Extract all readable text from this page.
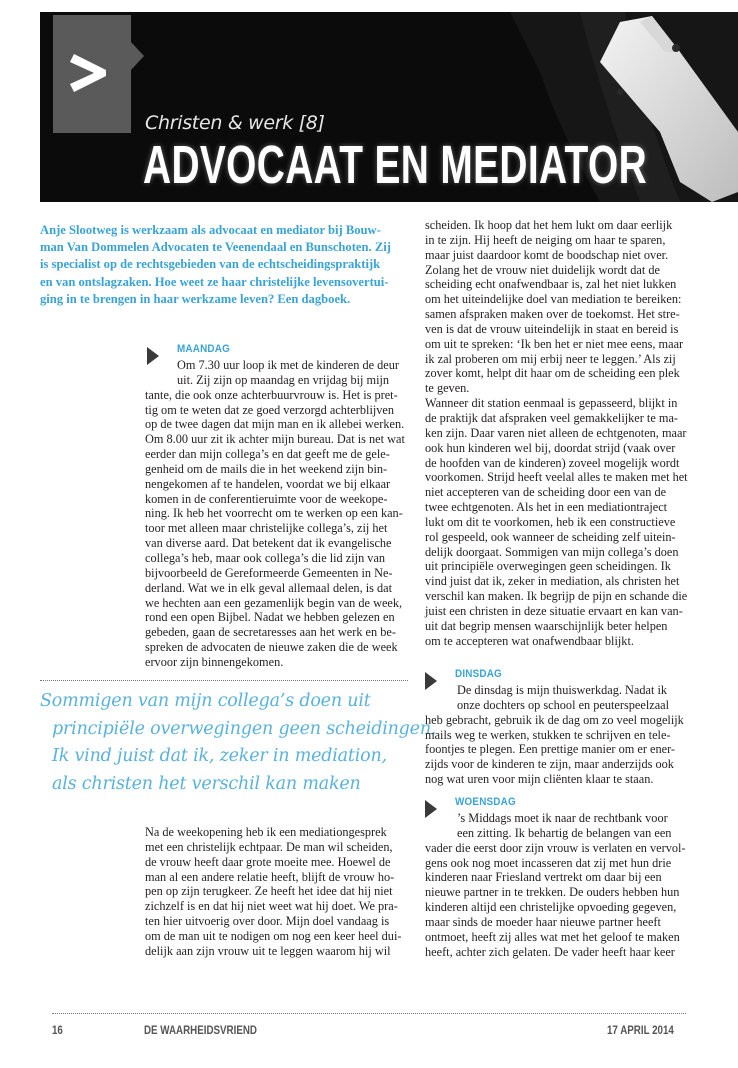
Christen & werk [8]
ADVOCAAT EN MEDIATOR
Anje Slootweg is werkzaam als advocaat en mediator bij Bouw-
man Van Dommelen Advocaten te Veenendaal en Bunschoten. Zij
is specialist op de rechtsgebieden van de echtscheidingspraktijk
en van ontslagzaken. Hoe weet ze haar christelijke levensovertui-
ging in te brengen in haar werkzame leven? Een dagboek.
MAANDAG
Om 7.30 uur loop ik met de kinderen de deur
uit. Zij zijn op maandag en vrijdag bij mijn
tante, die ook onze achterbuurvrouw is. Het is pret-
tig om te weten dat ze goed verzorgd achterblijven
op de twee dagen dat mijn man en ik allebei werken.
Om 8.00 uur zit ik achter mijn bureau. Dat is net wat
eerder dan mijn collega’s en dat geeft me de gele-
genheid om de mails die in het weekend zijn bin-
nengekomen af te handelen, voordat we bij elkaar
komen in de conferentieruimte voor de weekope-
ning. Ik heb het voorrecht om te werken op een kan-
toor met alleen maar christelijke collega’s, zij het
van diverse aard. Dat betekent dat ik evangelische
collega’s heb, maar ook collega’s die lid zijn van
bijvoorbeeld de Gereformeerde Gemeenten in Ne-
derland. Wat we in elk geval allemaal delen, is dat
we hechten aan een gezamenlijk begin van de week,
rond een open Bijbel. Nadat we hebben gelezen en
gebeden, gaan de secretaresses aan het werk en be-
spreken de advocaten de nieuwe zaken die de week
ervoor zijn binnengekomen.
Sommigen van mijn collega’s doen uit
principiële overwegingen geen scheidingen.
Ik vind juist dat ik, zeker in mediation,
als christen het verschil kan maken
Na de weekopening heb ik een mediationgesprek
met een christelijk echtpaar. De man wil scheiden,
de vrouw heeft daar grote moeite mee. Hoewel de
man al een andere relatie heeft, blijft de vrouw ho-
pen op zijn terugkeer. Ze heeft het idee dat hij niet
zichzelf is en dat hij niet weet wat hij doet. We pra-
ten hier uitvoerig over door. Mijn doel vandaag is
om de man uit te nodigen om nog een keer heel dui-
delijk aan zijn vrouw uit te leggen waarom hij wil
scheiden. Ik hoop dat het hem lukt om daar eerlijk
in te zijn. Hij heeft de neiging om haar te sparen,
maar juist daardoor komt de boodschap niet over.
Zolang het de vrouw niet duidelijk wordt dat de
scheiding echt onafwendbaar is, zal het niet lukken
om het uiteindelijke doel van mediation te bereiken:
samen afspraken maken over de toekomst. Het stre-
ven is dat de vrouw uiteindelijk in staat en bereid is
om uit te spreken: ‘Ik ben het er niet mee eens, maar
ik zal proberen om mij erbij neer te leggen.’ Als zij
zover komt, helpt dit haar om de scheiding een plek
te geven.
Wanneer dit station eenmaal is gepasseerd, blijkt in
de praktijk dat afspraken veel gemakkelijker te ma-
ken zijn. Daar varen niet alleen de echtgenoten, maar
ook hun kinderen wel bij, doordat strijd (vaak over
de hoofden van de kinderen) zoveel mogelijk wordt
voorkomen. Strijd heeft veelal alles te maken met het
niet accepteren van de scheiding door een van de
twee echtgenoten. Als het in een mediationtraject
lukt om dit te voorkomen, heb ik een constructieve
rol gespeeld, ook wanneer de scheiding zelf uitein-
delijk doorgaat. Sommigen van mijn collega’s doen
uit principiële overwegingen geen scheidingen. Ik
vind juist dat ik, zeker in mediation, als christen het
verschil kan maken. Ik begrijp de pijn en schande die
juist een christen in deze situatie ervaart en kan van-
uit dat begrip mensen waarschijnlijk beter helpen
om te accepteren wat onafwendbaar blijkt.
DINSDAG
De dinsdag is mijn thuiswerkdag. Nadat ik
onze dochters op school en peuterspeelzaal
heb gebracht, gebruik ik de dag om zo veel mogelijk
mails weg te werken, stukken te schrijven en tele-
foontjes te plegen. Een prettige manier om er ener-
zijds voor de kinderen te zijn, maar anderzijds ook
nog wat uren voor mijn cliënten klaar te staan.
WOENSDAG
’s Middags moet ik naar de rechtbank voor
een zitting. Ik behartig de belangen van een
vader die eerst door zijn vrouw is verlaten en vervol-
gens ook nog moet incasseren dat zij met hun drie
kinderen naar Friesland vertrekt om daar bij een
nieuwe partner in te trekken. De ouders hebben hun
kinderen altijd een christelijke opvoeding gegeven,
maar sinds de moeder haar nieuwe partner heeft
ontmoet, heeft zij alles wat met het geloof te maken
heeft, achter zich gelaten. De vader heeft haar keer
16	DE WAARHEIDSVRIEND	17 APRIL 2014
